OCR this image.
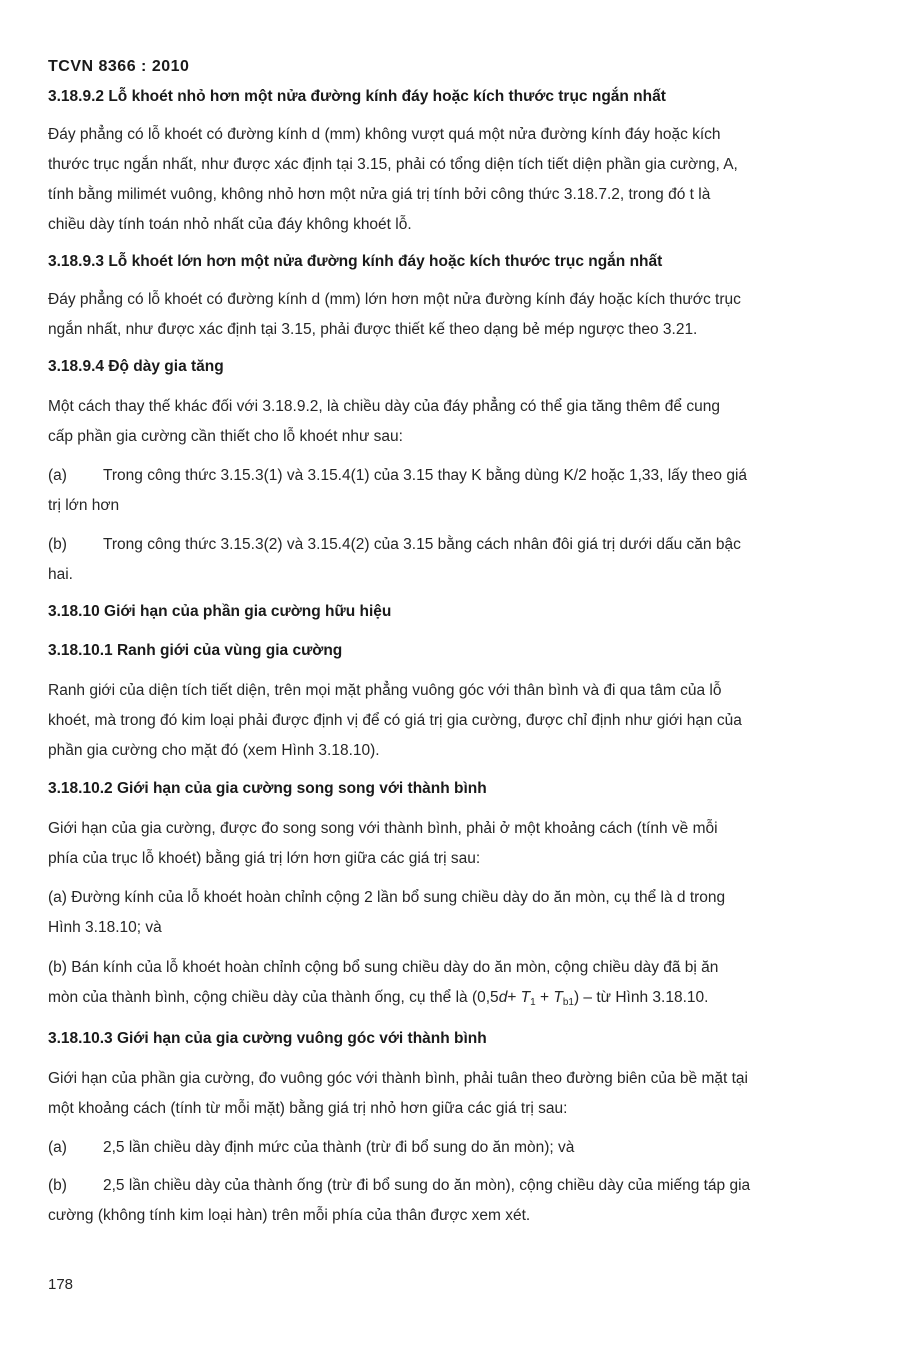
TCVN 8366 : 2010
3.18.9.2 Lỗ khoét nhỏ hơn một nửa đường kính đáy hoặc kích thước trục ngắn nhất
Đáy phẳng có lỗ khoét có đường kính d (mm) không vượt quá một nửa đường kính đáy hoặc kích
thước trục ngắn nhất, như được xác định tại 3.15, phải có tổng diện tích tiết diện phần gia cường, A,
tính bằng milimét vuông, không nhỏ hơn một nửa giá trị tính bởi công thức 3.18.7.2, trong đó t là
chiều dày tính toán nhỏ nhất của đáy không khoét lỗ.
3.18.9.3 Lỗ khoét lớn hơn một nửa đường kính đáy hoặc kích thước trục ngắn nhất
Đáy phẳng có lỗ khoét có đường kính d (mm) lớn hơn một nửa đường kính đáy hoặc kích thước trục
ngắn nhất, như được xác định tại 3.15, phải được thiết kế theo dạng bẻ mép ngược theo 3.21.
3.18.9.4 Độ dày gia tăng
Một cách thay thế khác đối với 3.18.9.2, là chiều dày của đáy phẳng có thể gia tăng thêm để cung
cấp phần gia cường cần thiết cho lỗ khoét như sau:
(a)	Trong công thức 3.15.3(1) và 3.15.4(1) của 3.15 thay K bằng dùng K/2 hoặc 1,33, lấy theo giá
trị lớn hơn
(b)	Trong công thức 3.15.3(2) và 3.15.4(2) của 3.15 bằng cách nhân đôi giá trị dưới dấu căn bậc
hai.
3.18.10 Giới hạn của phần gia cường hữu hiệu
3.18.10.1 Ranh giới của vùng gia cường
Ranh giới của diện tích tiết diện, trên mọi mặt phẳng vuông góc với thân bình và đi qua tâm của lỗ
khoét, mà trong đó kim loại phải được định vị để có giá trị gia cường, được chỉ định như giới hạn của
phần gia cường cho mặt đó (xem Hình 3.18.10).
3.18.10.2 Giới hạn của gia cường song song với thành bình
Giới hạn của gia cường, được đo song song với thành bình, phải ở một khoảng cách (tính về mỗi
phía của trục lỗ khoét) bằng giá trị lớn hơn giữa các giá trị sau:
(a) Đường kính của lỗ khoét hoàn chỉnh cộng 2 lần bổ sung chiều dày do ăn mòn, cụ thể là d trong
Hình 3.18.10; và
(b) Bán kính của lỗ khoét hoàn chỉnh cộng bổ sung chiều dày do ăn mòn, cộng chiều dày đã bị ăn
mòn của thành bình, cộng chiều dày của thành ống, cụ thể là $(0,5d+ T_1 + T_{b1})$ – từ Hình 3.18.10.
3.18.10.3 Giới hạn của gia cường vuông góc với thành bình
Giới hạn của phần gia cường, đo vuông góc với thành bình, phải tuân theo đường biên của bề mặt tại
một khoảng cách (tính từ mỗi mặt) bằng giá trị nhỏ hơn giữa các giá trị sau:
(a)	2,5 lần chiều dày định mức của thành (trừ đi bổ sung do ăn mòn); và
(b)	2,5 lần chiều dày của thành ống (trừ đi bổ sung do ăn mòn), cộng chiều dày của miếng táp gia
cường (không tính kim loại hàn) trên mỗi phía của thân được xem xét.
178
